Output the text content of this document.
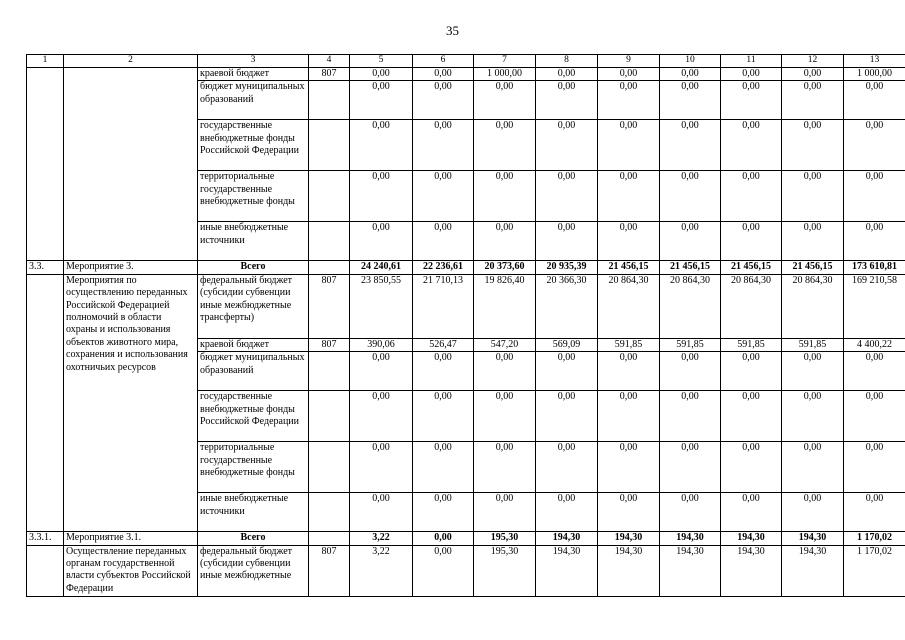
35
1	2	3	4	5	6	7	8	9	10	11	12	13
		краевой бюджет	807	0,00	0,00	1 000,00	0,00	0,00	0,00	0,00	0,00	1 000,00
		бюджет муниципальных образований		0,00	0,00	0,00	0,00	0,00	0,00	0,00	0,00	0,00
		государственные внебюджетные фонды Российской Федерации		0,00	0,00	0,00	0,00	0,00	0,00	0,00	0,00	0,00
		территориальные государственные внебюджетные фонды		0,00	0,00	0,00	0,00	0,00	0,00	0,00	0,00	0,00
		иные внебюджетные источники		0,00	0,00	0,00	0,00	0,00	0,00	0,00	0,00	0,00
3.3.	Мероприятие 3.	Всего		24 240,61	22 236,61	20 373,60	20 935,39	21 456,15	21 456,15	21 456,15	21 456,15	173 610,81
	Мероприятия по осуществлению переданных Российской Федерацией полномочий в области охраны и использования объектов животного мира, сохранения и использования охотничьих ресурсов	федеральный бюджет (субсидии субвенции иные межбюджетные трансферты)	807	23 850,55	21 710,13	19 826,40	20 366,30	20 864,30	20 864,30	20 864,30	20 864,30	169 210,58
		краевой бюджет	807	390,06	526,47	547,20	569,09	591,85	591,85	591,85	591,85	4 400,22
		бюджет муниципальных образований		0,00	0,00	0,00	0,00	0,00	0,00	0,00	0,00	0,00
		государственные внебюджетные фонды Российской Федерации		0,00	0,00	0,00	0,00	0,00	0,00	0,00	0,00	0,00
		территориальные государственные внебюджетные фонды		0,00	0,00	0,00	0,00	0,00	0,00	0,00	0,00	0,00
		иные внебюджетные источники		0,00	0,00	0,00	0,00	0,00	0,00	0,00	0,00	0,00
3.3.1.	Мероприятие 3.1.	Всего		3,22	0,00	195,30	194,30	194,30	194,30	194,30	194,30	1 170,02
	Осуществление переданных органам государственной власти субъектов Российской Федерации	федеральный бюджет (субсидии субвенции иные межбюджетные	807	3,22	0,00	195,30	194,30	194,30	194,30	194,30	194,30	1 170,02
